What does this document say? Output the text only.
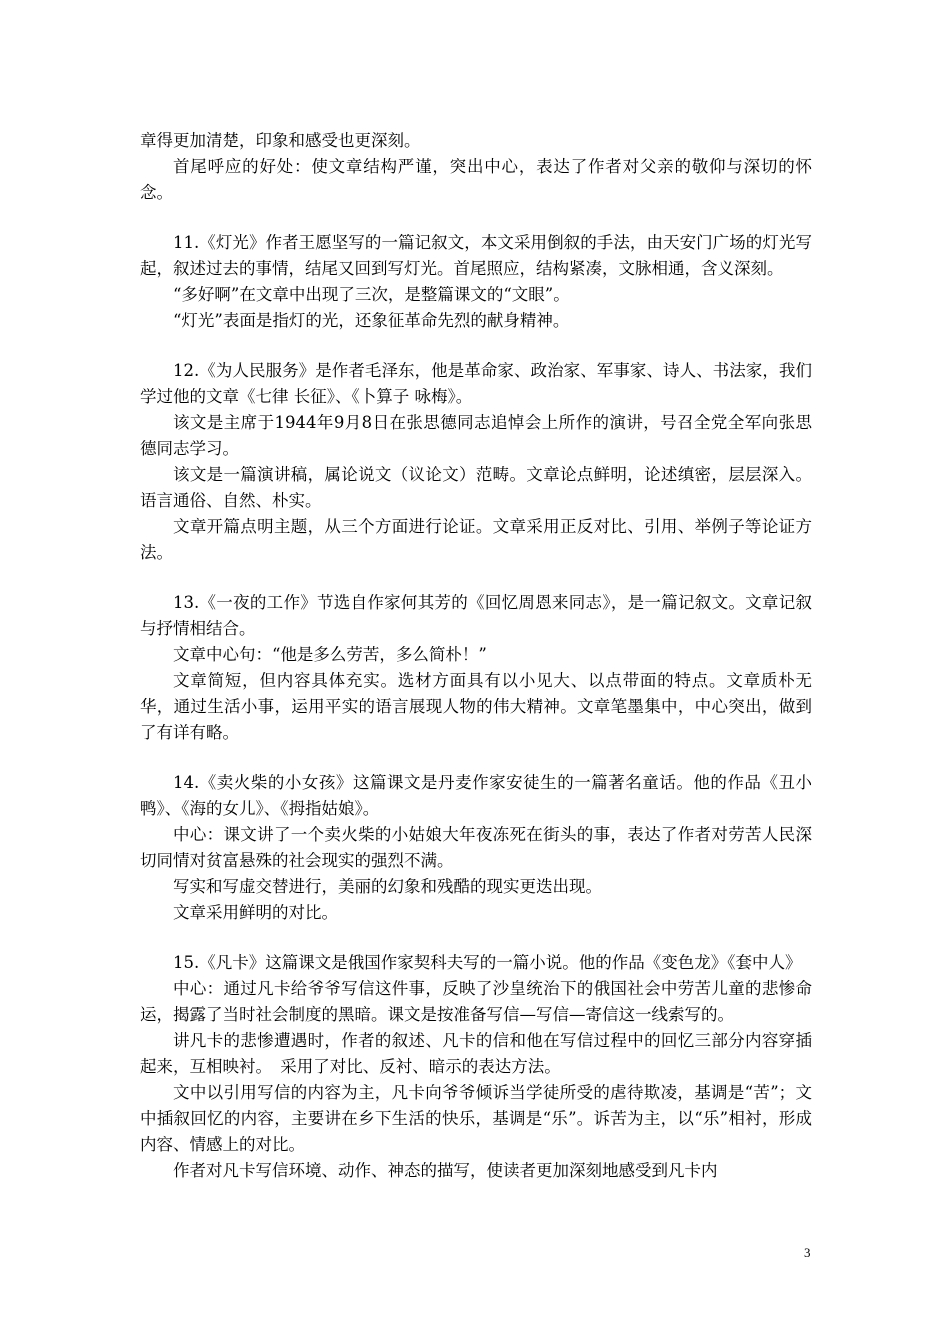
章得更加清楚，印象和感受也更深刻。

首尾呼应的好处：使文章结构严谨，突出中心，表达了作者对父亲的敬仰与深切的怀念。

11.《灯光》作者王愿坚写的一篇记叙文，本文采用倒叙的手法，由天安门广场的灯光写起，叙述过去的事情，结尾又回到写灯光。首尾照应，结构紧凑，文脉相通，含义深刻。

“多好啊”在文章中出现了三次，是整篇课文的“文眼”。

“灯光”表面是指灯的光，还象征革命先烈的献身精神。

12.《为人民服务》是作者毛泽东，他是革命家、政治家、军事家、诗人、书法家，我们学过他的文章《七律 长征》、《卜算子 咏梅》。

该文是主席于1944年9月8日在张思德同志追悼会上所作的演讲，号召全党全军向张思德同志学习。

该文是一篇演讲稿，属论说文（议论文）范畴。文章论点鲜明，论述缜密，层层深入。语言通俗、自然、朴实。

文章开篇点明主题，从三个方面进行论证。文章采用正反对比、引用、举例子等论证方法。

13.《一夜的工作》节选自作家何其芳的《回忆周恩来同志》，是一篇记叙文。文章记叙与抒情相结合。

文章中心句：“他是多么劳苦，多么简朴！”

文章简短，但内容具体充实。选材方面具有以小见大、以点带面的特点。文章质朴无华，通过生活小事，运用平实的语言展现人物的伟大精神。文章笔墨集中，中心突出，做到了有详有略。

14.《卖火柴的小女孩》这篇课文是丹麦作家安徒生的一篇著名童话。他的作品《丑小鸭》、《海的女儿》、《拇指姑娘》。

中心：课文讲了一个卖火柴的小姑娘大年夜冻死在街头的事，表达了作者对劳苦人民深切同情对贫富悬殊的社会现实的强烈不满。

写实和写虚交替进行，美丽的幻象和残酷的现实更迭出现。

文章采用鲜明的对比。

15.《凡卡》这篇课文是俄国作家契科夫写的一篇小说。他的作品《变色龙》《套中人》

中心：通过凡卡给爷爷写信这件事，反映了沙皇统治下的俄国社会中劳苦儿童的悲惨命运，揭露了当时社会制度的黑暗。课文是按准备写信—写信—寄信这一线索写的。

讲凡卡的悲惨遭遇时，作者的叙述、凡卡的信和他在写信过程中的回忆三部分内容穿插起来，互相映衬。　采用了对比、反衬、暗示的表达方法。

文中以引用写信的内容为主，凡卡向爷爷倾诉当学徒所受的虐待欺凌，基调是“苦”；文中插叙回忆的内容，主要讲在乡下生活的快乐，基调是“乐”。诉苦为主，以“乐”相衬，形成内容、情感上的对比。

作者对凡卡写信环境、动作、神态的描写，使读者更加深刻地感受到凡卡内

3
